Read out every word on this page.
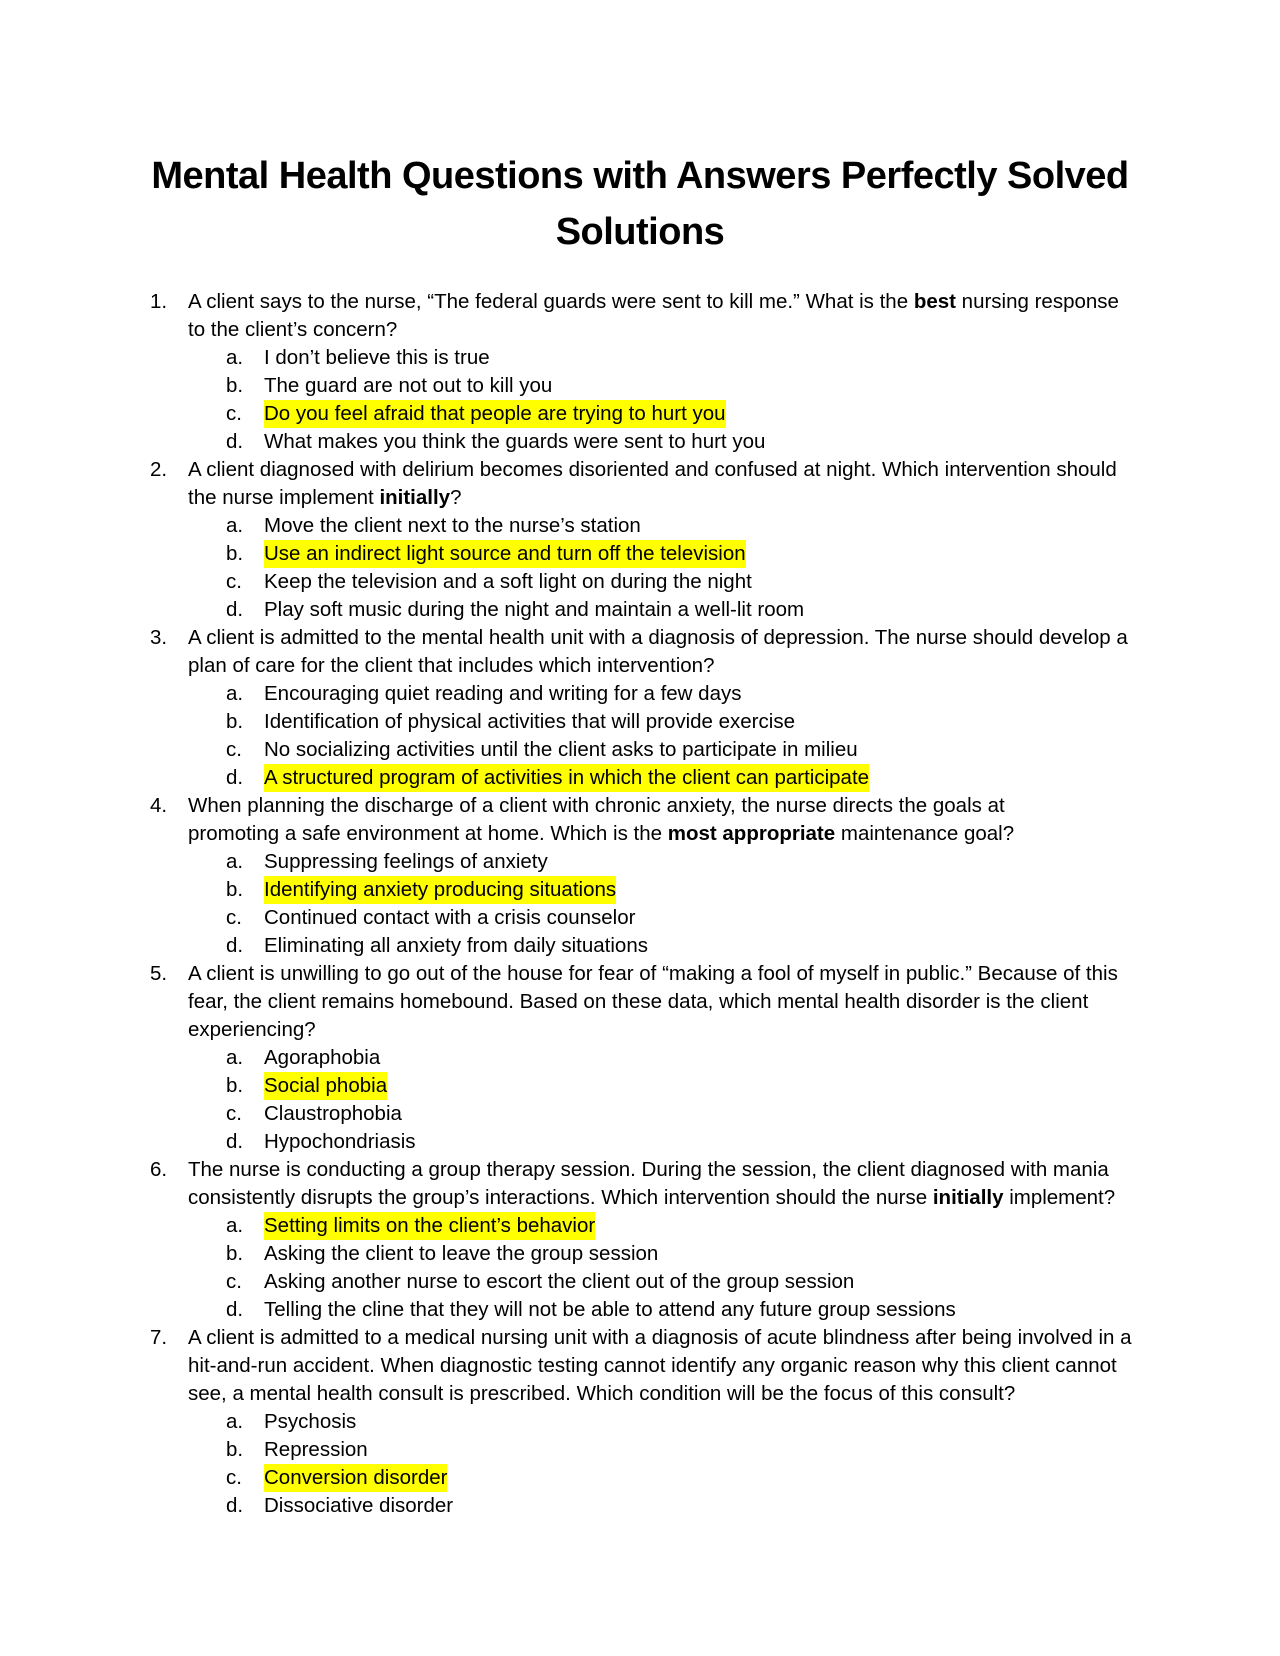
Mental Health Questions with Answers Perfectly Solved Solutions
1.	A client says to the nurse, “The federal guards were sent to kill me.” What is the best nursing response to the client’s concern?
a. I don’t believe this is true
b. The guard are not out to kill you
c. Do you feel afraid that people are trying to hurt you
d. What makes you think the guards were sent to hurt you
2.	A client diagnosed with delirium becomes disoriented and confused at night. Which intervention should the nurse implement initially?
a. Move the client next to the nurse’s station
b. Use an indirect light source and turn off the television
c. Keep the television and a soft light on during the night
d. Play soft music during the night and maintain a well-lit room
3.	A client is admitted to the mental health unit with a diagnosis of depression. The nurse should develop a plan of care for the client that includes which intervention?
a. Encouraging quiet reading and writing for a few days
b. Identification of physical activities that will provide exercise
c. No socializing activities until the client asks to participate in milieu
d. A structured program of activities in which the client can participate
4.	When planning the discharge of a client with chronic anxiety, the nurse directs the goals at promoting a safe environment at home. Which is the most appropriate maintenance goal?
a. Suppressing feelings of anxiety
b. Identifying anxiety producing situations
c. Continued contact with a crisis counselor
d. Eliminating all anxiety from daily situations
5.	A client is unwilling to go out of the house for fear of “making a fool of myself in public.” Because of this fear, the client remains homebound. Based on these data, which mental health disorder is the client experiencing?
a. Agoraphobia
b. Social phobia
c. Claustrophobia
d. Hypochondriasis
6.	The nurse is conducting a group therapy session. During the session, the client diagnosed with mania consistently disrupts the group’s interactions. Which intervention should the nurse initially implement?
a. Setting limits on the client’s behavior
b. Asking the client to leave the group session
c. Asking another nurse to escort the client out of the group session
d. Telling the cline that they will not be able to attend any future group sessions
7.	A client is admitted to a medical nursing unit with a diagnosis of acute blindness after being involved in a hit-and-run accident. When diagnostic testing cannot identify any organic reason why this client cannot see, a mental health consult is prescribed. Which condition will be the focus of this consult?
a. Psychosis
b. Repression
c. Conversion disorder
d. Dissociative disorder
